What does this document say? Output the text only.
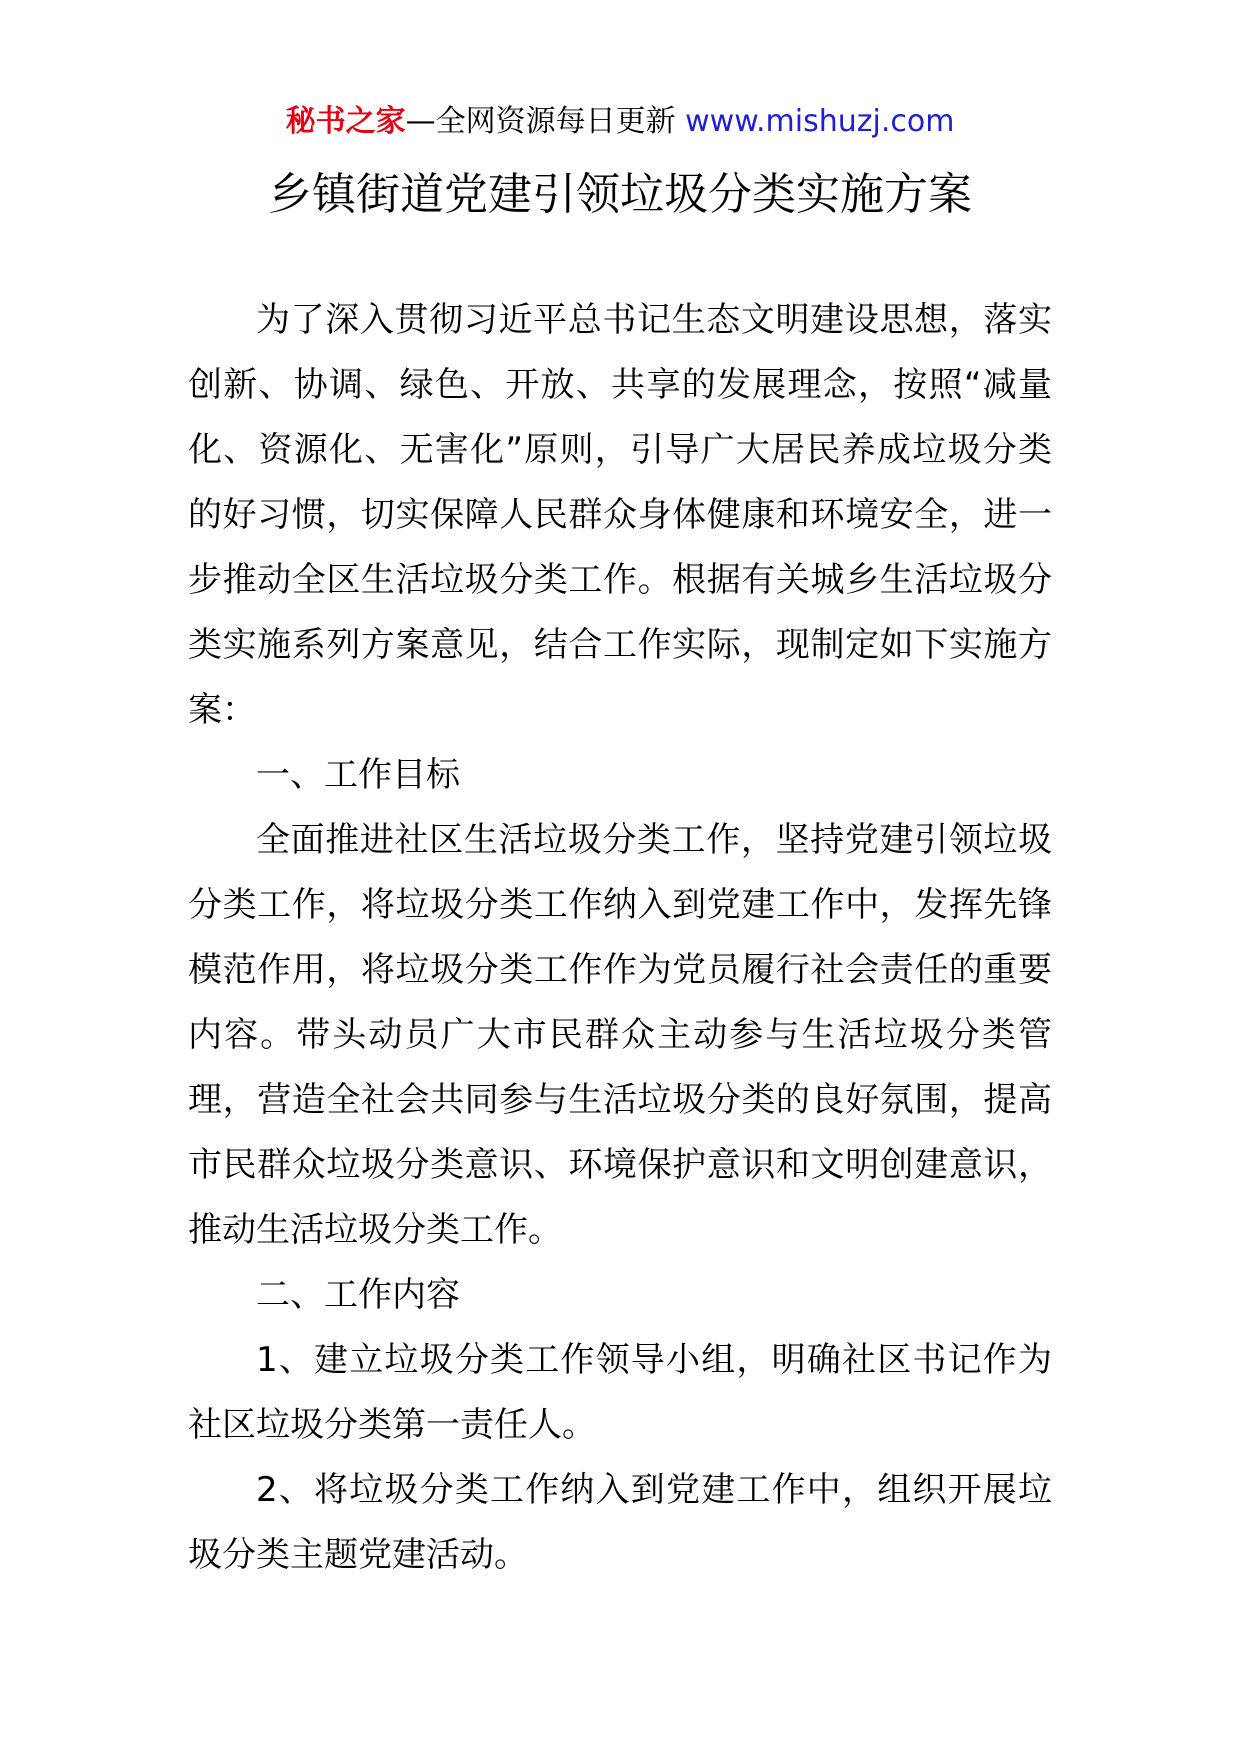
秘书之家—全网资源每日更新 www.mishuzj.com
乡镇街道党建引领垃圾分类实施方案

为了深入贯彻习近平总书记生态文明建设思想，落实创新、协调、绿色、开放、共享的发展理念，按照“减量化、资源化、无害化”原则，引导广大居民养成垃圾分类的好习惯，切实保障人民群众身体健康和环境安全，进一步推动全区生活垃圾分类工作。根据有关城乡生活垃圾分类实施系列方案意见，结合工作实际，现制定如下实施方案：

一、工作目标

全面推进社区生活垃圾分类工作，坚持党建引领垃圾分类工作，将垃圾分类工作纳入到党建工作中，发挥先锋模范作用，将垃圾分类工作作为党员履行社会责任的重要内容。带头动员广大市民群众主动参与生活垃圾分类管理，营造全社会共同参与生活垃圾分类的良好氛围，提高市民群众垃圾分类意识、环境保护意识和文明创建意识，推动生活垃圾分类工作。

二、工作内容

1、建立垃圾分类工作领导小组，明确社区书记作为社区垃圾分类第一责任人。

2、将垃圾分类工作纳入到党建工作中，组织开展垃圾分类主题党建活动。
